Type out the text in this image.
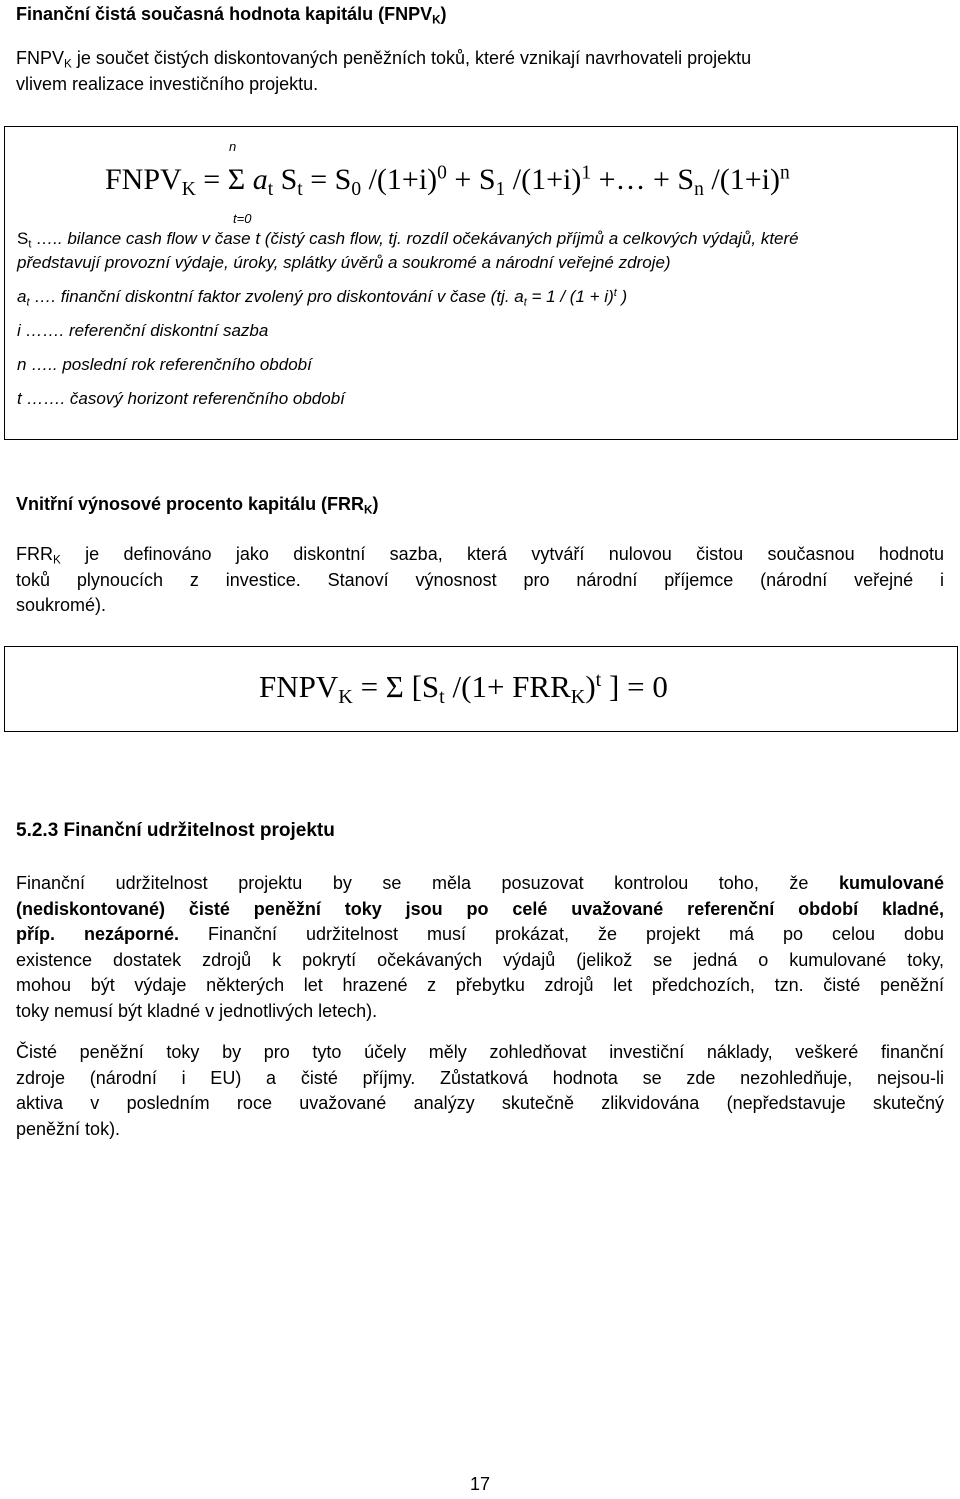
Finanční čistá současná hodnota kapitálu $(FNPV_K)$
$FNPV_K$ je součet čistých diskontovaných peněžních toků, které vznikají navrhovateli projektu
vlivem realizace investičního projektu.
n
t=0
$FNPV_K = \Sigma$ $a_t$ $S_t = S_0$ $/(1+i)^0 + S_1$ $/(1+i)^1$ +… + $S_n$ $/(1+i)^n$
$S_t$ ….. bilance cash flow v čase t (čistý cash flow, tj. rozdíl očekávaných příjmů a celkových výdajů, které
představují provozní výdaje, úroky, splátky úvěrů a soukromé a národní veřejné zdroje)
$a_t$ …. finanční diskontní faktor zvolený pro diskontování v čase (tj. $a_t = 1 / (1 + i)^t$ )
i ……. referenční diskontní sazba
n ….. poslední rok referenčního období
t ……. časový horizont referenčního období
Vnitřní výnosové procento kapitálu $(FRR_K)$
$FRR_K$ je definováno jako diskontní sazba, která vytváří nulovou čistou současnou hodnotu
toků plynoucích z investice. Stanoví výnosnost pro národní příjemce (národní veřejné i
soukromé).
$FNPV_K = \Sigma$ [$S_t$ $/(1+ FRR_K)^t$ ] = 0
5.2.3 Finanční udržitelnost projektu
Finanční udržitelnost projektu by se měla posuzovat kontrolou toho, že kumulované
(nediskontované) čisté peněžní toky jsou po celé uvažované referenční období kladné,
příp. nezáporné. Finanční udržitelnost musí prokázat, že projekt má po celou dobu
existence dostatek zdrojů k pokrytí očekávaných výdajů (jelikož se jedná o kumulované toky,
mohou být výdaje některých let hrazené z přebytku zdrojů let předchozích, tzn. čisté peněžní
toky nemusí být kladné v jednotlivých letech).
Čisté peněžní toky by pro tyto účely měly zohledňovat investiční náklady, veškeré finanční
zdroje (národní i EU) a čisté příjmy. Zůstatková hodnota se zde nezohledňuje, nejsou-li
aktiva v posledním roce uvažované analýzy skutečně zlikvidována (nepředstavuje skutečný
peněžní tok).
17
